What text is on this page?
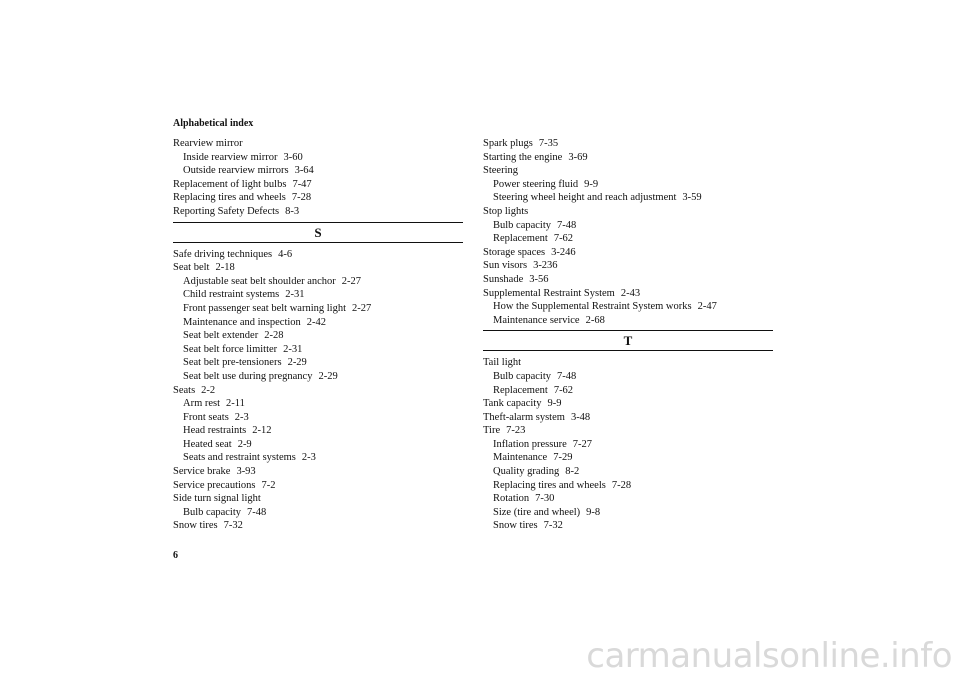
Alphabetical index
Rearview mirror
Inside rearview mirror 3-60
Outside rearview mirrors 3-64
Replacement of light bulbs 7-47
Replacing tires and wheels 7-28
Reporting Safety Defects 8-3
S
Safe driving techniques 4-6
Seat belt 2-18
Adjustable seat belt shoulder anchor 2-27
Child restraint systems 2-31
Front passenger seat belt warning light 2-27
Maintenance and inspection 2-42
Seat belt extender 2-28
Seat belt force limitter 2-31
Seat belt pre-tensioners 2-29
Seat belt use during pregnancy 2-29
Seats 2-2
Arm rest 2-11
Front seats 2-3
Head restraints 2-12
Heated seat 2-9
Seats and restraint systems 2-3
Service brake 3-93
Service precautions 7-2
Side turn signal light
Bulb capacity 7-48
Snow tires 7-32
Spark plugs 7-35
Starting the engine 3-69
Steering
Power steering fluid 9-9
Steering wheel height and reach adjustment 3-59
Stop lights
Bulb capacity 7-48
Replacement 7-62
Storage spaces 3-246
Sun visors 3-236
Sunshade 3-56
Supplemental Restraint System 2-43
How the Supplemental Restraint System works 2-47
Maintenance service 2-68
T
Tail light
Bulb capacity 7-48
Replacement 7-62
Tank capacity 9-9
Theft-alarm system 3-48
Tire 7-23
Inflation pressure 7-27
Maintenance 7-29
Quality grading 8-2
Replacing tires and wheels 7-28
Rotation 7-30
Size (tire and wheel) 9-8
Snow tires 7-32
6
carmanualsonline.info
